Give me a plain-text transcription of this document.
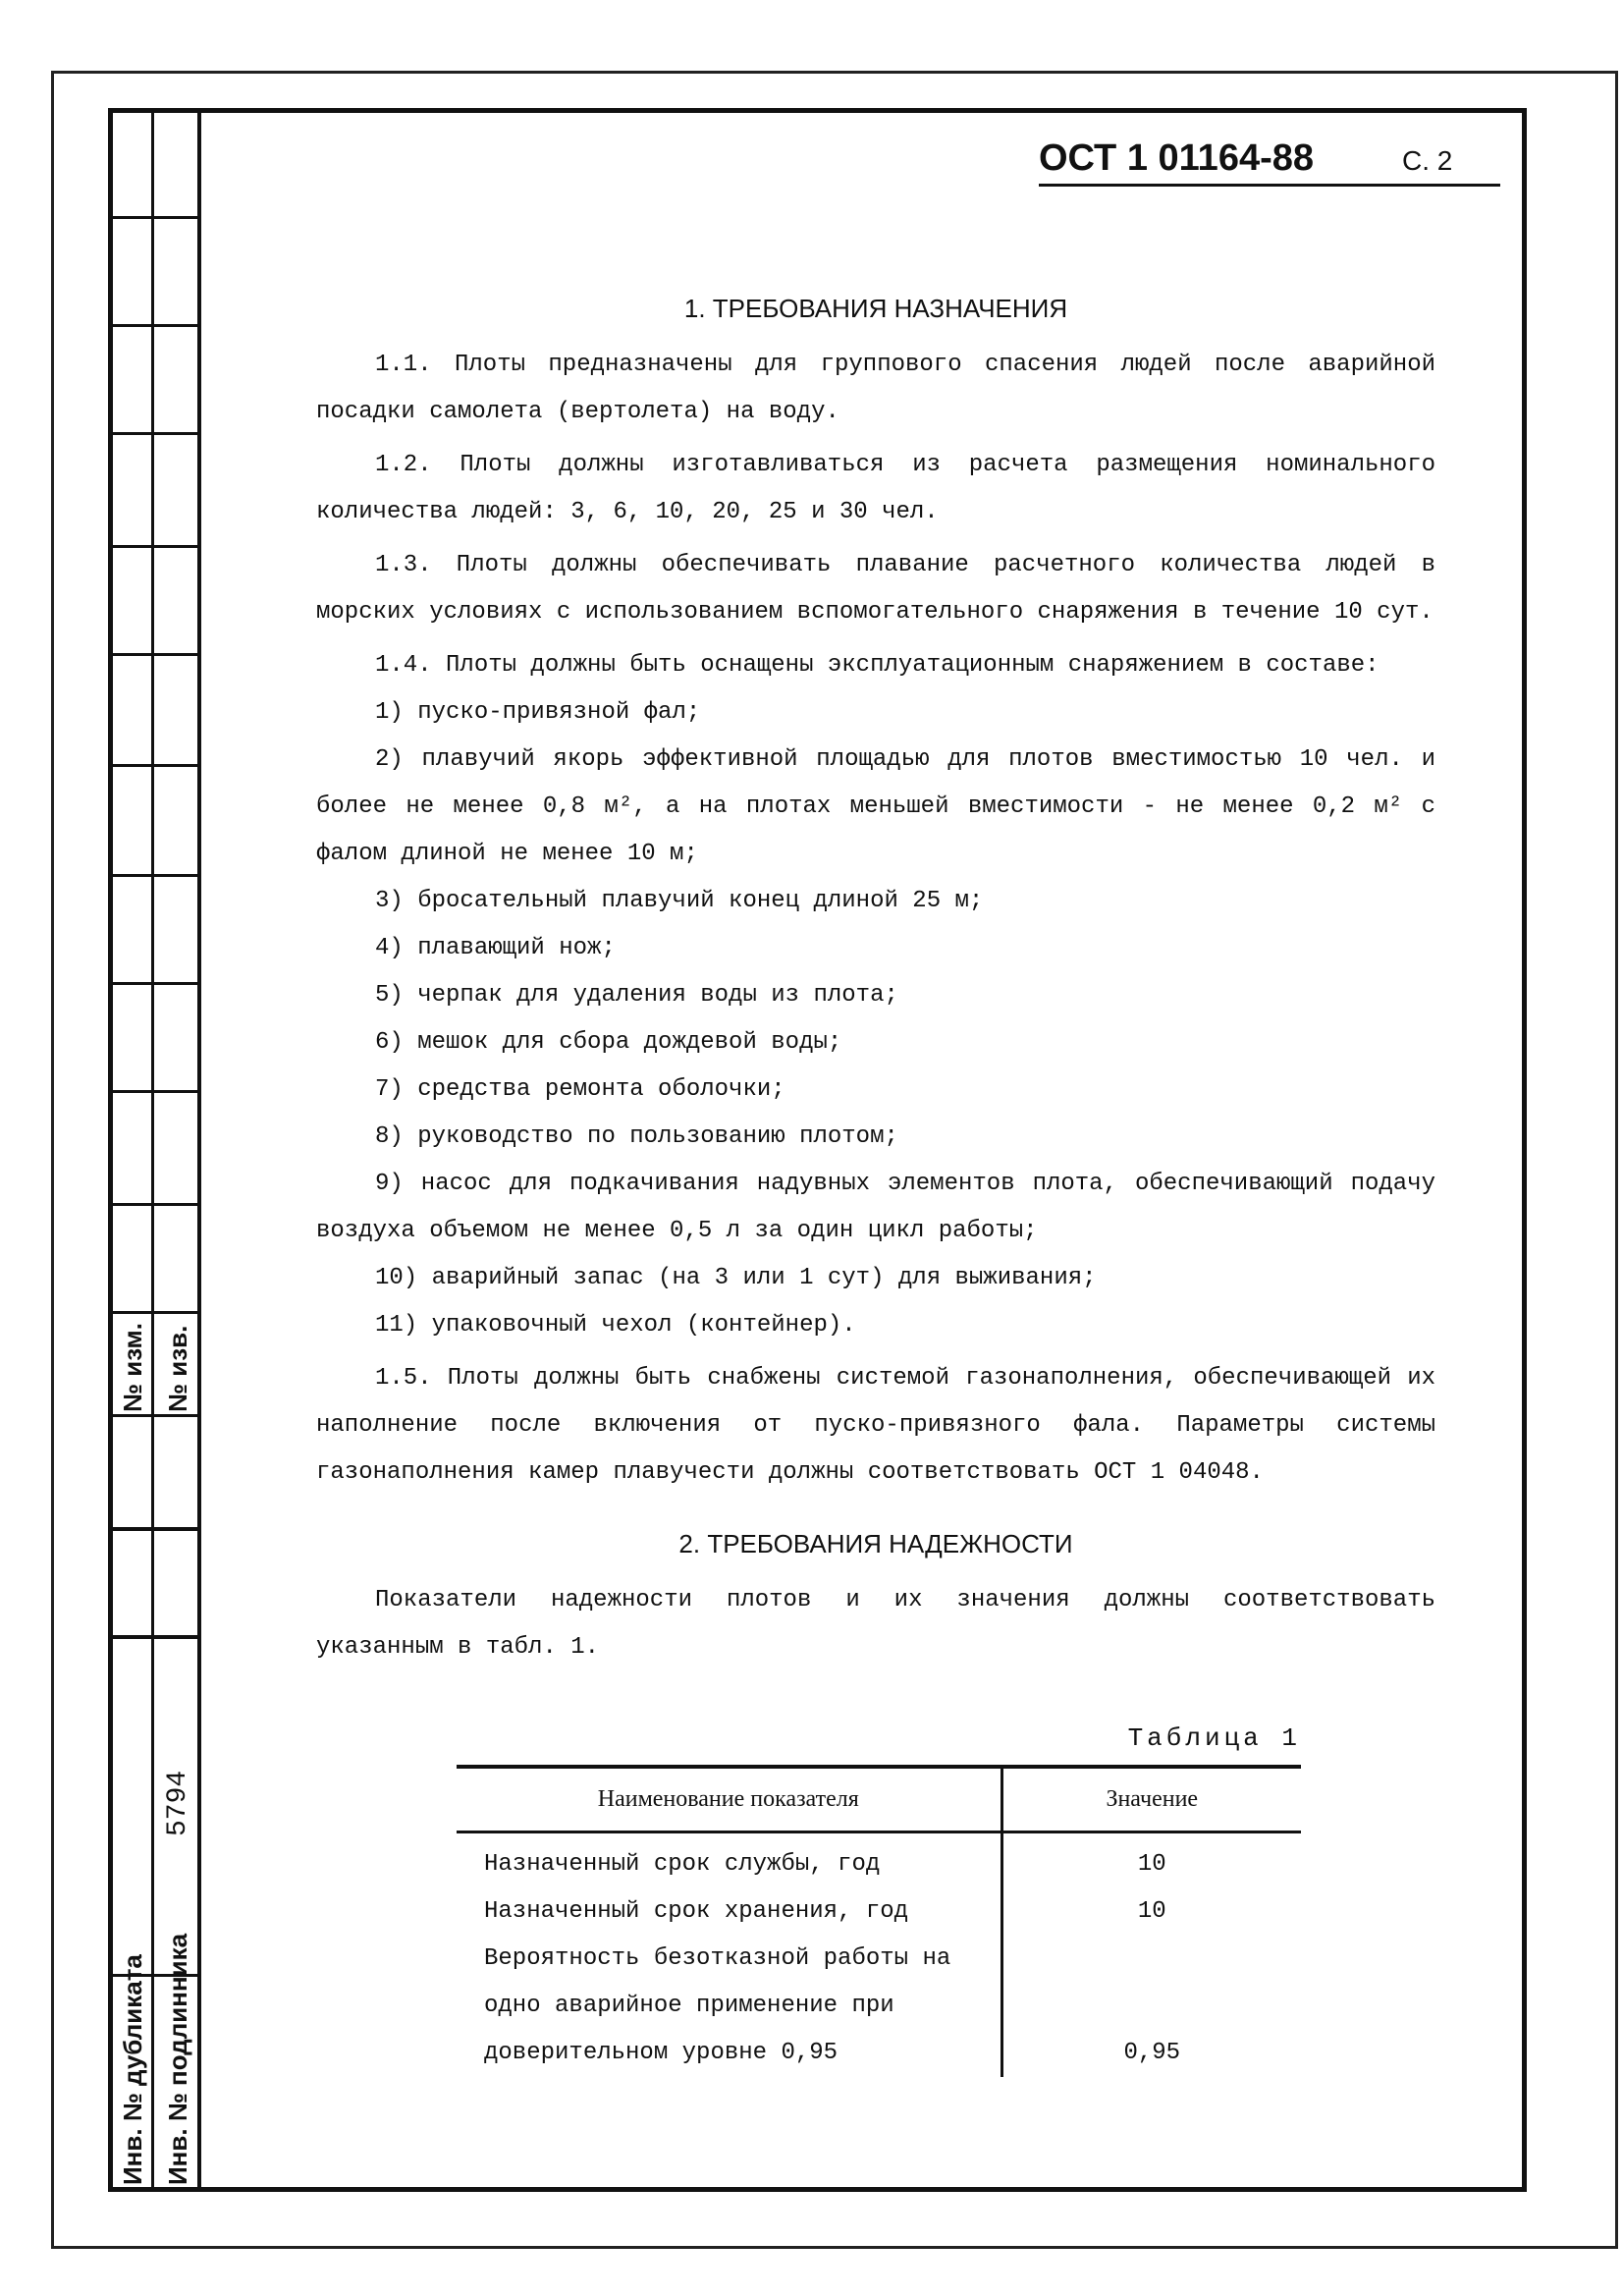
№ изм. № изв.
5794
Инв. № дубликата Инв. № подлинника
ОСТ 1 01164-88	С. 2

1. ТРЕБОВАНИЯ НАЗНАЧЕНИЯ

1.1. Плоты предназначены для группового спасения людей после аварийной посадки самолета (вертолета) на воду.

1.2. Плоты должны изготавливаться из расчета размещения номинального количества людей: 3, 6, 10, 20, 25 и 30 чел.

1.3. Плоты должны обеспечивать плавание расчетного количества людей в морских условиях с использованием вспомогательного снаряжения в течение 10 сут.

1.4. Плоты должны быть оснащены эксплуатационным снаряжением в составе:

1) пуско-привязной фал;

2) плавучий якорь эффективной площадью для плотов вместимостью 10 чел. и более не менее 0,8 м², а на плотах меньшей вместимости - не менее 0,2 м² с фалом длиной не менее 10 м;

3) бросательный плавучий конец длиной 25 м;

4) плавающий нож;

5) черпак для удаления воды из плота;

6) мешок для сбора дождевой воды;

7) средства ремонта оболочки;

8) руководство по пользованию плотом;

9) насос для подкачивания надувных элементов плота, обеспечивающий подачу воздуха объемом не менее 0,5 л за один цикл работы;

10) аварийный запас (на 3 или 1 сут) для выживания;

11) упаковочный чехол (контейнер).

1.5. Плоты должны быть снабжены системой газонаполнения, обеспечивающей их наполнение после включения от пуско-привязного фала. Параметры системы газонаполнения камер плавучести должны соответствовать ОСТ 1 04048.

2. ТРЕБОВАНИЯ НАДЕЖНОСТИ

Показатели надежности плотов и их значения должны соответствовать указанным в табл. 1.

Таблица 1
Наименование показателя	Значение
Назначенный срок службы, год	10
Назначенный срок хранения, год	10
Вероятность безотказной работы на одно аварийное применение при доверительном уровне 0,95	0,95
